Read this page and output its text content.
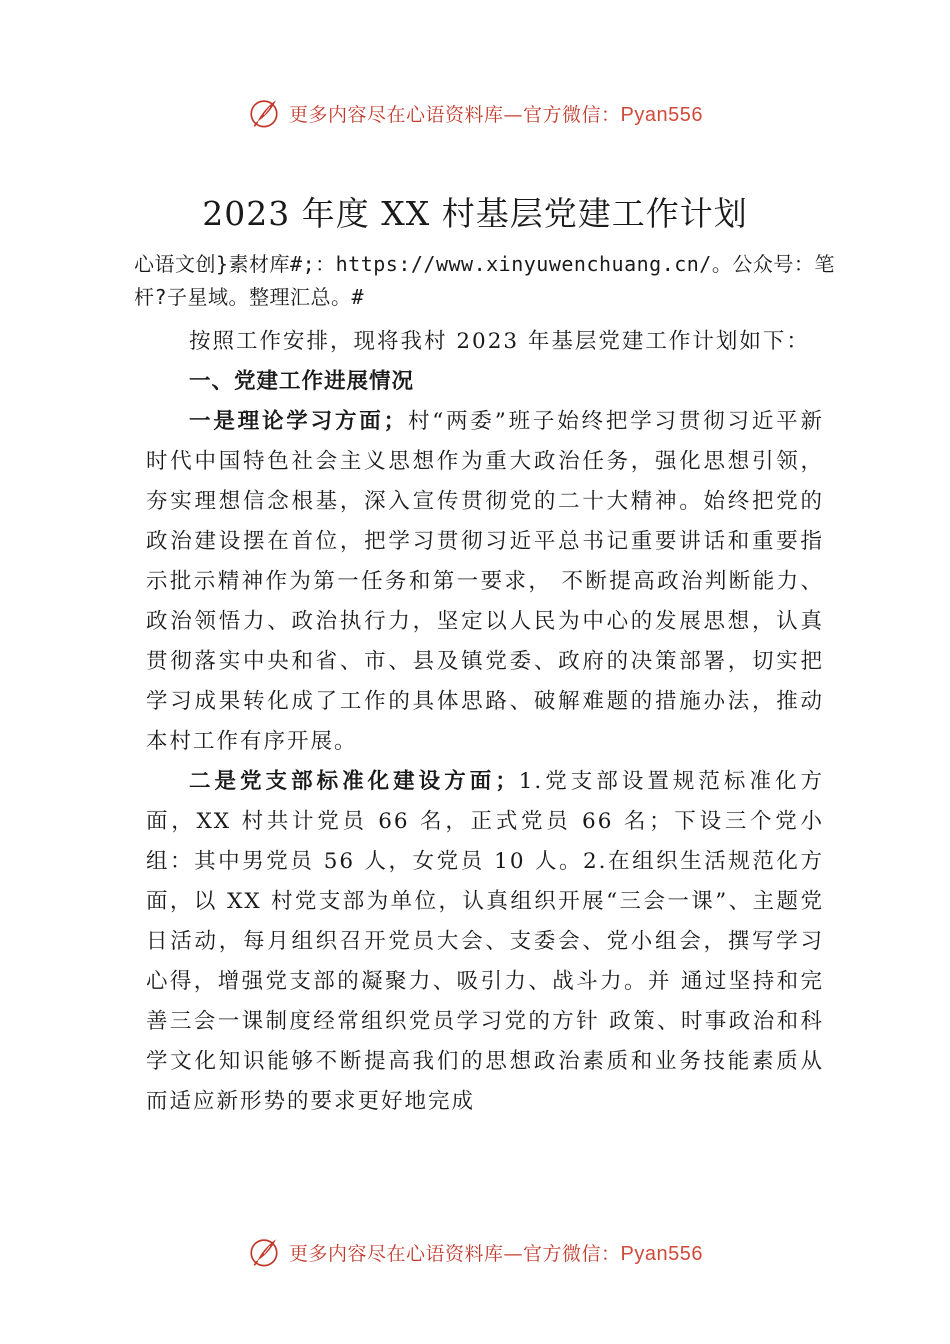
更多内容尽在心语资料库—官方微信：Pyan556
2023 年度 XX 村基层党建工作计划
心语文创}素材库#;：https://www.xinyuwenchuang.cn/。公众号：笔杆?子星域。整理汇总。#

按照工作安排，现将我村 2023 年基层党建工作计划如下：

一、党建工作进展情况

一是理论学习方面；村“两委”班子始终把学习贯彻习近平新时代中国特色社会主义思想作为重大政治任务，强化思想引领，夯实理想信念根基，深入宣传贯彻党的二十大精神。始终把党的政治建设摆在首位，把学习贯彻习近平总书记重要讲话和重要指示批示精神作为第一任务和第一要求， 不断提高政治判断能力、政治领悟力、政治执行力，坚定以人民为中心的发展思想，认真贯彻落实中央和省、市、县及镇党委、政府的决策部署，切实把学习成果转化成了工作的具体思路、破解难题的措施办法，推动本村工作有序开展。

二是党支部标准化建设方面；1.党支部设置规范标准化方面，XX 村共计党员 66 名，正式党员 66 名；下设三个党小组：其中男党员 56 人，女党员 10 人。2.在组织生活规范化方面，以 XX 村党支部为单位，认真组织开展“三会一课”、主题党日活动，每月组织召开党员大会、支委会、党小组会，撰写学习心得，增强党支部的凝聚力、吸引力、战斗力。并 通过坚持和完善三会一课制度经常组织党员学习党的方针 政策、时事政治和科学文化知识能够不断提高我们的思想政治素质和业务技能素质从而适应新形势的要求更好地完成

更多内容尽在心语资料库—官方微信：Pyan556
